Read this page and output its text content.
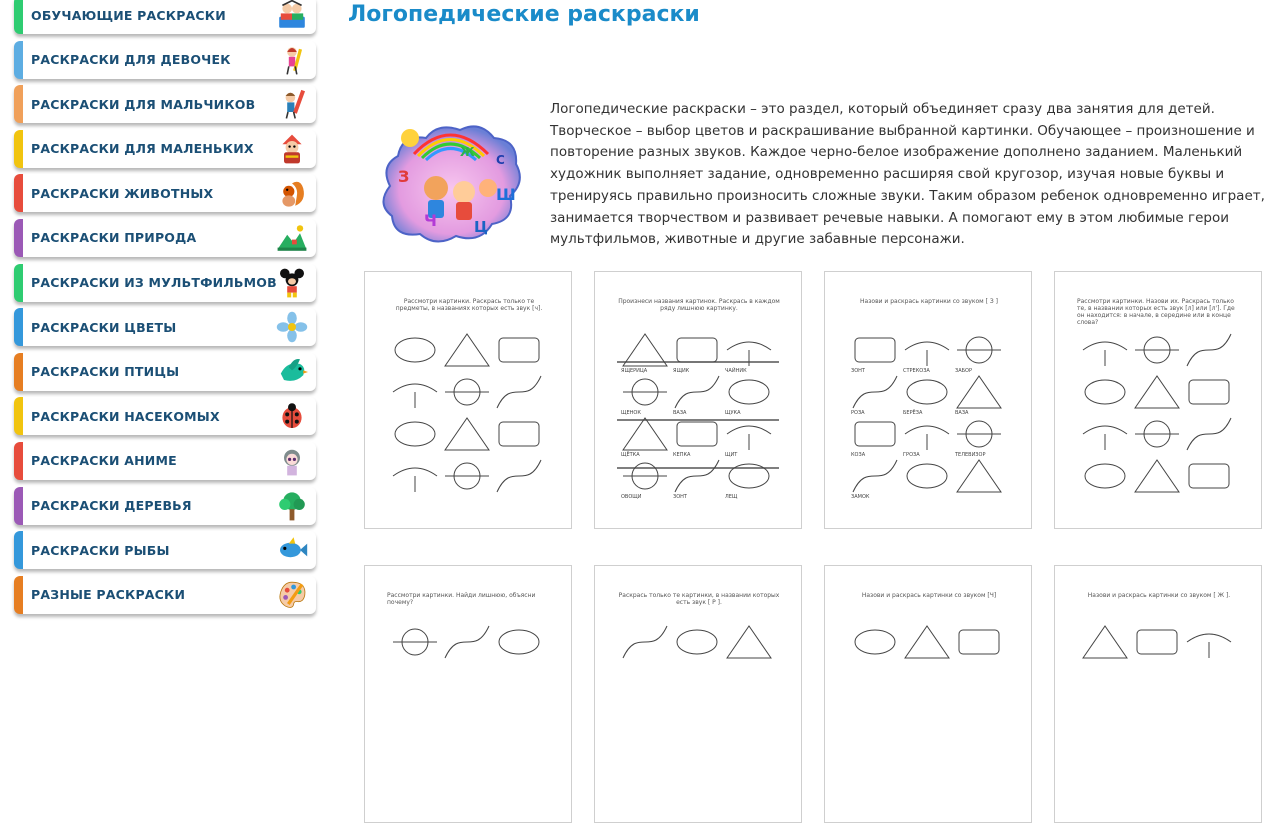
ОБУЧАЮЩИЕ РАСКРАСКИ
РАСКРАСКИ ДЛЯ ДЕВОЧЕК
РАСКРАСКИ ДЛЯ МАЛЬЧИКОВ
РАСКРАСКИ ДЛЯ МАЛЕНЬКИХ
РАСКРАСКИ ЖИВОТНЫХ
РАСКРАСКИ ПРИРОДА
РАСКРАСКИ ИЗ МУЛЬТФИЛЬМОВ
РАСКРАСКИ ЦВЕТЫ
РАСКРАСКИ ПТИЦЫ
РАСКРАСКИ НАСЕКОМЫХ
РАСКРАСКИ АНИМЕ
РАСКРАСКИ ДЕРЕВЬЯ
РАСКРАСКИ РЫБЫ
РАЗНЫЕ РАСКРАСКИ
Логопедические раскраски
З
Ч
Ш
Ц
Ж
С

Логопедические раскраски – это раздел, который объединяет сразу два занятия для детей. Творческое – выбор цветов и раскрашивание выбранной картинки. Обучающее – произношение и повторение разных звуков. Каждое черно-белое изображение дополнено заданием. Маленький художник выполняет задание, одновременно расширяя свой кругозор, изучая новые буквы и тренируясь правильно произносить сложные звуки. Таким образом ребенок одновременно играет, занимается творчеством и развивает речевые навыки. А помогают ему в этом любимые герои мультфильмов, животные и другие забавные персонажи.

Рассмотри картинки. Раскрась только те предметы, в названиях которых есть звук [ч].
Произнеси названия картинок. Раскрась в каждом ряду лишнюю картинку.
ЯЩЕРИЦА	ЯЩИК	ЧАЙНИК
ЩЕНОК	ВАЗА	ЩУКА
ЩЁТКА	КЕПКА	ЩИТ
ОВОЩИ	ЗОНТ	ЛЕЩ
Назови и раскрась картинки со звуком [ З ]
ЗОНТ	СТРЕКОЗА	ЗАБОР
РОЗА	БЕРЁЗА	ВАЗА
КОЗА	ГРОЗА	ТЕЛЕВИЗОР
ЗАМОК
Рассмотри картинки. Назови их. Раскрась только те, в названии которых есть звук [л] или [л']. Где он находится: в начале, в середине или в конце слова?
Рассмотри картинки. Найди лишнюю, объясни почему?
Раскрась только те картинки, в названии которых есть звук [ Р ].
Назови и раскрась картинки со звуком [Ч]	Назови и раскрась картинки со звуком [ Ж ].
